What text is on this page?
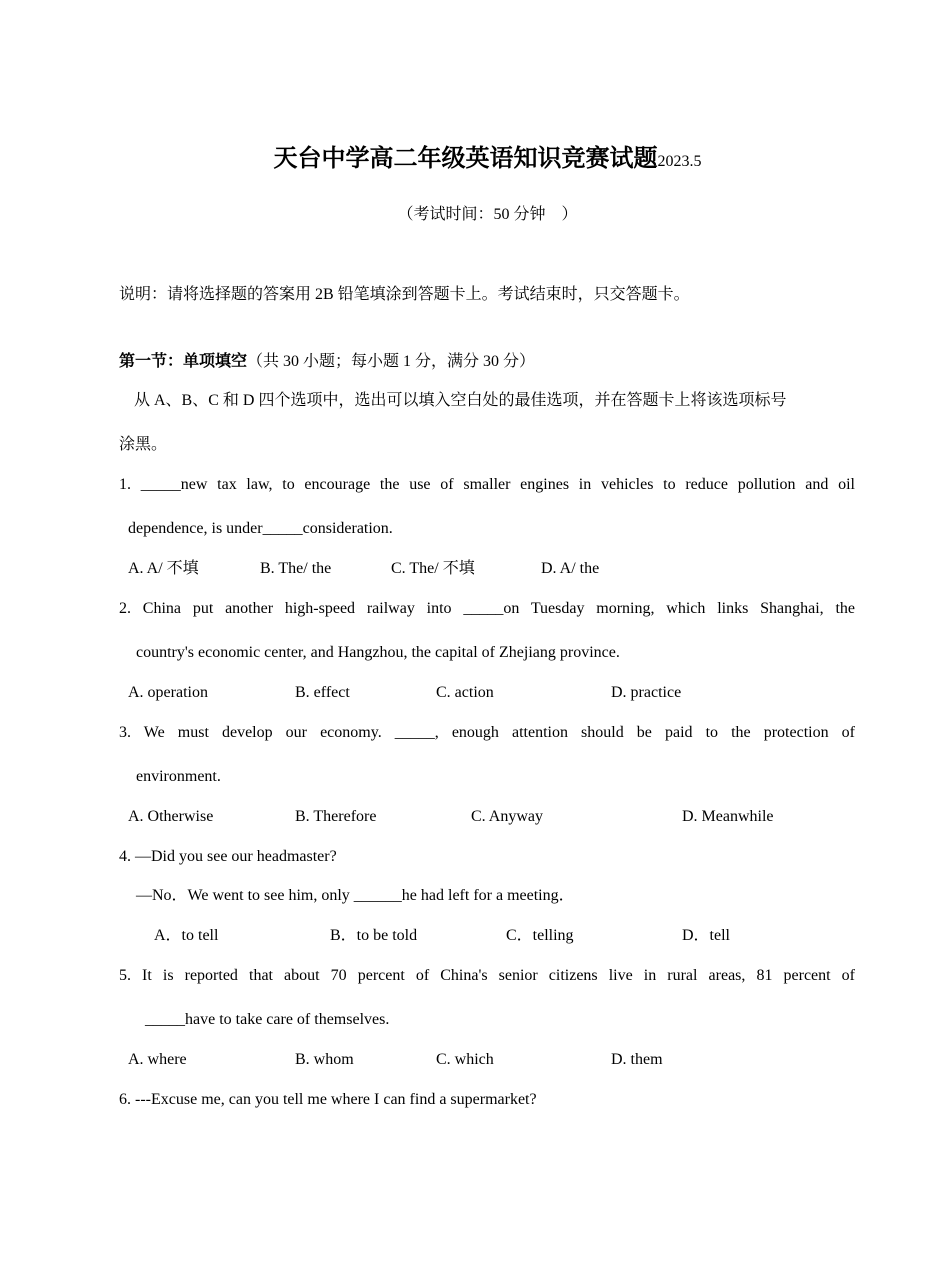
天台中学高二年级英语知识竞赛试题2023.5
（考试时间：50 分钟　）
说明：请将选择题的答案用 2B 铅笔填涂到答题卡上。考试结束时，只交答题卡。
第一节：单项填空（共 30 小题；每小题 1 分，满分 30 分）
从 A、B、C 和 D 四个选项中，选出可以填入空白处的最佳选项，并在答题卡上将该选项标号
涂黑。
1. _____new tax law, to encourage the use of smaller engines in vehicles to reduce pollution and oil
dependence, is under_____consideration.
A. A/ 不填	B. The/ the	C. The/ 不填	D. A/ the
2. China put another high-speed railway into _____on Tuesday morning, which links Shanghai, the
country's economic center, and Hangzhou, the capital of Zhejiang province.
A. operation	B. effect	C. action	D. practice
3. We must develop our economy. _____, enough attention should be paid to the protection of
environment.
A. Otherwise	B. Therefore	C. Anyway	D. Meanwhile
4. —Did you see our headmaster?
—No．We went to see him, only ______he had left for a meeting．
A．to tell	B．to be told	C．telling	D．tell
5. It is reported that about 70 percent of China's senior citizens live in rural areas, 81 percent of
_____have to take care of themselves.
A. where	B. whom	C. which	D. them
6. ---Excuse me, can you tell me where I can find a supermarket?
